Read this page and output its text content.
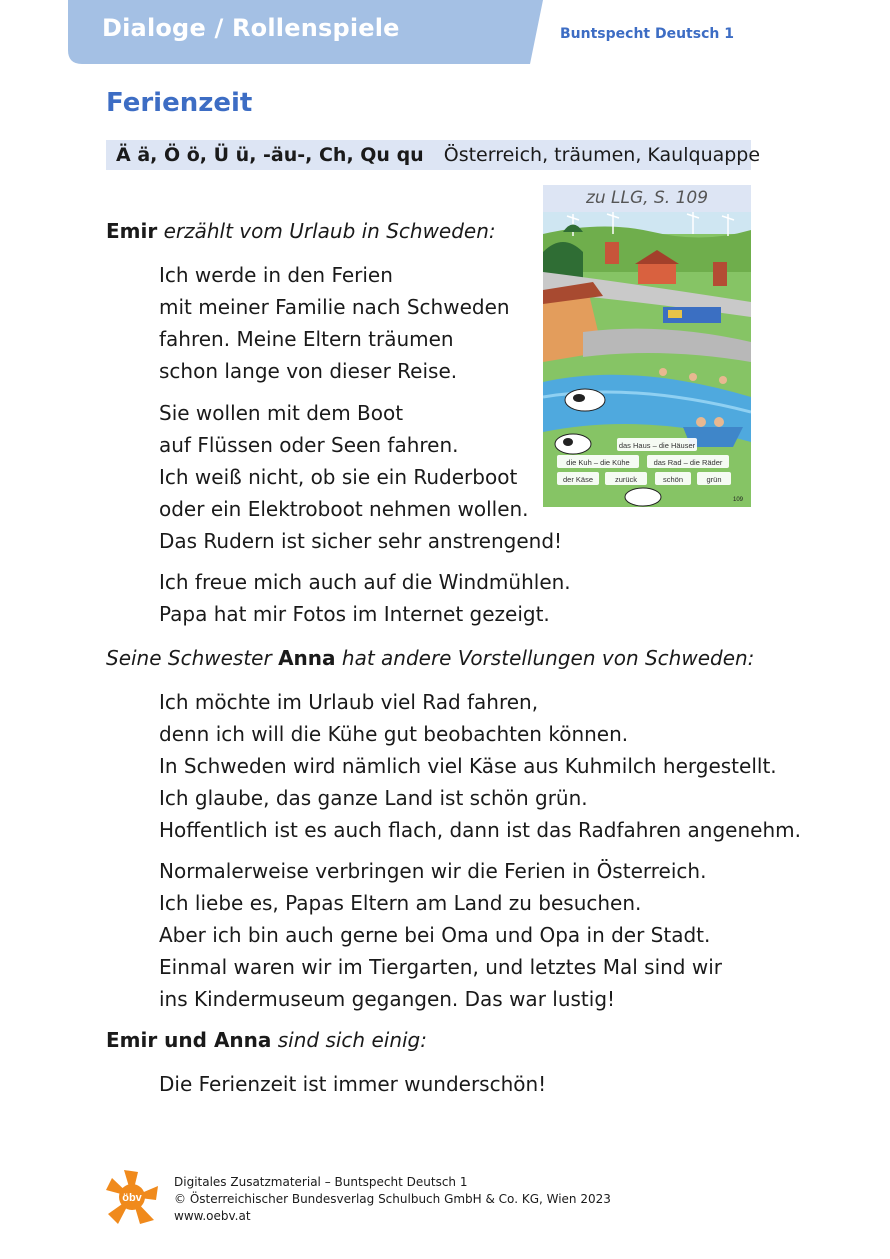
Dialoge / Rollenspiele	Buntspecht Deutsch 1
Ferienzeit
Ä ä, Ö ö, Ü ü, -äu-, Ch, Qu qu Österreich, träumen, Kaulquappe
zu LLG, S. 109
das Haus – die Häuser
die Kuh – die Kühe	das Rad – die Räder
der Käse	zurück	schön	grün
109
Emir erzählt vom Urlaub in Schweden:
Ich werde in den Ferien
mit meiner Familie nach Schweden
fahren. Meine Eltern träumen
schon lange von dieser Reise.
Sie wollen mit dem Boot
auf Flüssen oder Seen fahren.
Ich weiß nicht, ob sie ein Ruderboot
oder ein Elektroboot nehmen wollen.
Das Rudern ist sicher sehr anstrengend!
Ich freue mich auch auf die Windmühlen.
Papa hat mir Fotos im Internet gezeigt.
Seine Schwester Anna hat andere Vorstellungen von Schweden:
Ich möchte im Urlaub viel Rad fahren,
denn ich will die Kühe gut beobachten können.
In Schweden wird nämlich viel Käse aus Kuhmilch hergestellt.
Ich glaube, das ganze Land ist schön grün.
Hoffentlich ist es auch flach, dann ist das Radfahren angenehm.
Normalerweise verbringen wir die Ferien in Österreich.
Ich liebe es, Papas Eltern am Land zu besuchen.
Aber ich bin auch gerne bei Oma und Opa in der Stadt.
Einmal waren wir im Tiergarten, und letztes Mal sind wir
ins Kindermuseum gegangen. Das war lustig!
Emir und Anna sind sich einig:
Die Ferienzeit ist immer wunderschön!
öbv
Digitales Zusatzmaterial – Buntspecht Deutsch 1
© Österreichischer Bundesverlag Schulbuch GmbH & Co. KG, Wien 2023
www.oebv.at
